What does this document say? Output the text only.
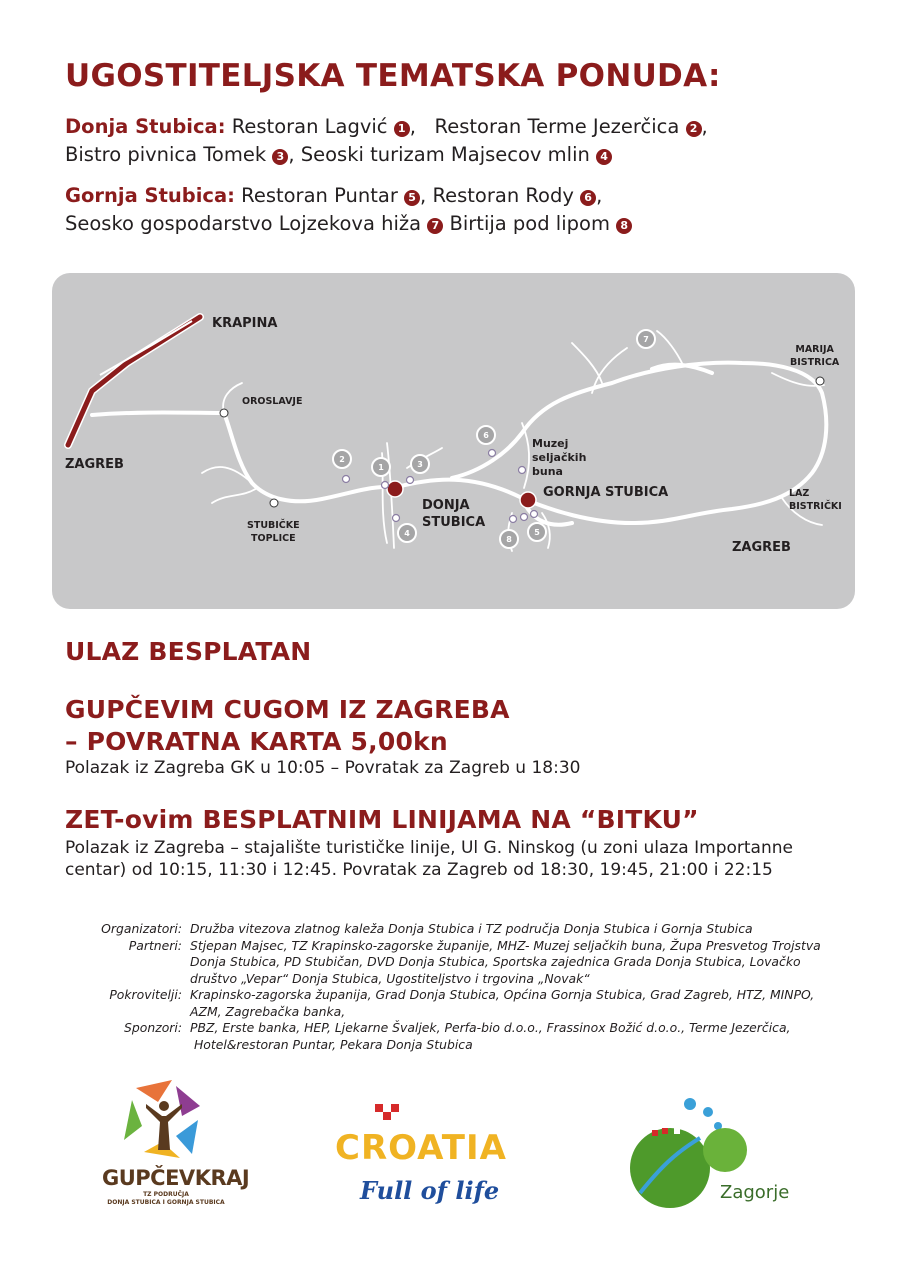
UGOSTITELJSKA TEMATSKA PONUDA:
Donja Stubica: Restoran Lagvić 1 ,   Restoran Terme Jezerčica 2 ,
Bistro pivnica Tomek 3 , Seoski turizam Majsecov mlin 4
Gornja Stubica: Restoran Puntar 5 , Restoran Rody 6 ,
Seosko gospodarstvo Lojzekova hiža 7 Birtija pod lipom 8
1
2
3
4	5
6
7
8
KRAPINA
ZAGREB
OROSLAVJE
STUBIČKE
TOPLICE
DONJA
STUBICA
GORNJA STUBICA
Muzej
seljačkih
buna
MARIJA
BISTRICA
LAZ
BISTRIČKI
ZAGREB
ULAZ BESPLATAN
GUPČEVIM CUGOM IZ ZAGREBA
– POVRATNA KARTA 5,00kn
Polazak iz Zagreba GK u 10:05 – Povratak za Zagreb u 18:30
ZET-ovim BESPLATNIM LINIJAMA NA “BITKU”
Polazak iz Zagreba – stajalište turističke linije, Ul G. Ninskog (u zoni ulaza Importanne
centar) od 10:15, 11:30 i 12:45. Povratak za Zagreb od 18:30, 19:45, 21:00 i 22:15
Organizatori: Družba vitezova zlatnog kaleža Donja Stubica i TZ područja Donja Stubica i Gornja Stubica
Partneri: Stjepan Majsec, TZ Krapinsko-zagorske županije, MHZ- Muzej seljačkih buna, Župa Presvetog Trojstva
Donja Stubica, PD Stubičan, DVD Donja Stubica, Sportska zajednica Grada Donja Stubica, Lovačko
društvo „Vepar“ Donja Stubica, Ugostiteljstvo i trgovina „Novak“
Pokrovitelji: Krapinsko-zagorska županija, Grad Donja Stubica, Općina Gornja Stubica, Grad Zagreb, HTZ, MINPO,
AZM, Zagrebačka banka,
Sponzori: PBZ, Erste banka, HEP, Ljekarne Švaljek, Perfa-bio d.o.o., Frassinox Božić d.o.o., Terme Jezerčica,
Hotel&restoran Puntar, Pekara Donja Stubica
GUPČEVKRAJ
TZ PODRUČJA
DONJA STUBICA I GORNJA STUBICA
CROATIA
Full of life	Zagorje
